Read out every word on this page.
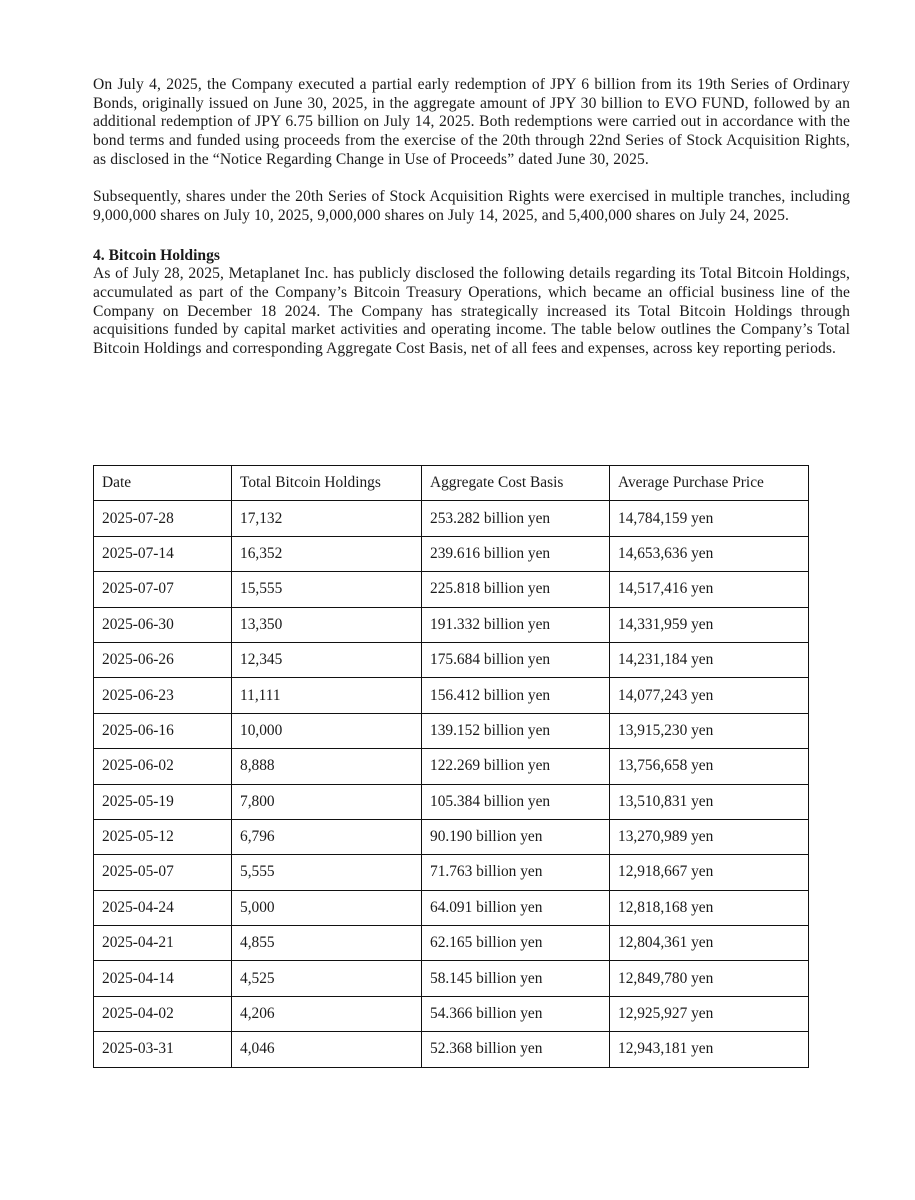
On July 4, 2025, the Company executed a partial early redemption of JPY 6 billion from its 19th Series of Ordinary Bonds, originally issued on June 30, 2025, in the aggregate amount of JPY 30 billion to EVO FUND, followed by an additional redemption of JPY 6.75 billion on July 14, 2025. Both redemptions were carried out in accordance with the bond terms and funded using proceeds from the exercise of the 20th through 22nd Series of Stock Acquisition Rights, as disclosed in the “Notice Regarding Change in Use of Proceeds” dated June 30, 2025.

Subsequently, shares under the 20th Series of Stock Acquisition Rights were exercised in multiple tranches, including 9,000,000 shares on July 10, 2025, 9,000,000 shares on July 14, 2025, and 5,400,000 shares on July 24, 2025.

4. Bitcoin Holdings

As of July 28, 2025, Metaplanet Inc. has publicly disclosed the following details regarding its Total Bitcoin Holdings, accumulated as part of the Company’s Bitcoin Treasury Operations, which became an official business line of the Company on December 18 2024. The Company has strategically increased its Total Bitcoin Holdings through acquisitions funded by capital market activities and operating income. The table below outlines the Company’s Total Bitcoin Holdings and corresponding Aggregate Cost Basis, net of all fees and expenses, across key reporting periods.

Date	Total Bitcoin Holdings	Aggregate Cost Basis	Average Purchase Price
2025-07-28	17,132	253.282 billion yen	14,784,159 yen
2025-07-14	16,352	239.616 billion yen	14,653,636 yen
2025-07-07	15,555	225.818 billion yen	14,517,416 yen
2025-06-30	13,350	191.332 billion yen	14,331,959 yen
2025-06-26	12,345	175.684 billion yen	14,231,184 yen
2025-06-23	11,111	156.412 billion yen	14,077,243 yen
2025-06-16	10,000	139.152 billion yen	13,915,230 yen
2025-06-02	8,888	122.269 billion yen	13,756,658 yen
2025-05-19	7,800	105.384 billion yen	13,510,831 yen
2025-05-12	6,796	90.190 billion yen	13,270,989 yen
2025-05-07	5,555	71.763 billion yen	12,918,667 yen
2025-04-24	5,000	64.091 billion yen	12,818,168 yen
2025-04-21	4,855	62.165 billion yen	12,804,361 yen
2025-04-14	4,525	58.145 billion yen	12,849,780 yen
2025-04-02	4,206	54.366 billion yen	12,925,927 yen
2025-03-31	4,046	52.368 billion yen	12,943,181 yen
